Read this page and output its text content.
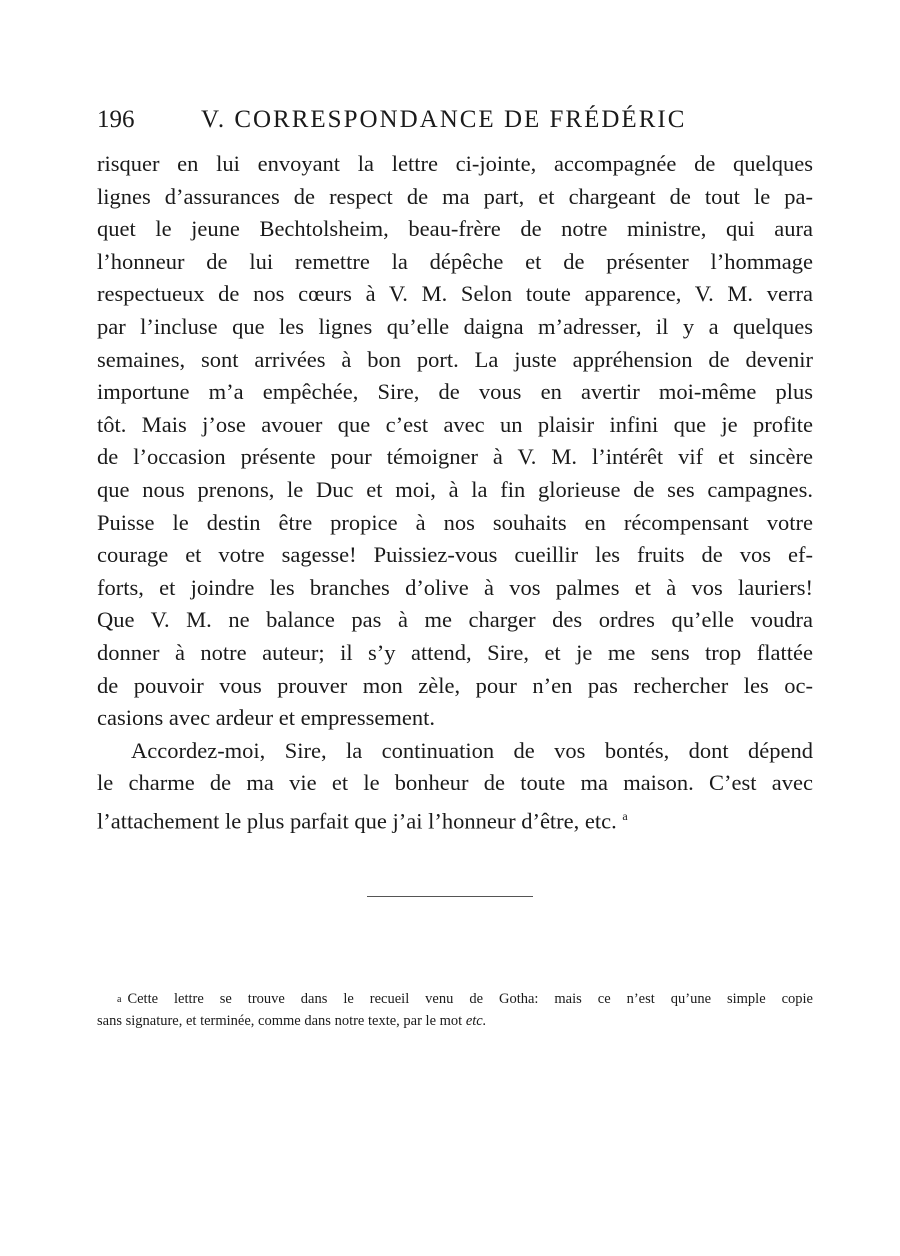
196	V. CORRESPONDANCE DE FRÉDÉRIC
risquer en lui envoyant la lettre ci-jointe, accompagnée de quelques
lignes d’assurances de respect de ma part, et chargeant de tout le pa-
quet le jeune Bechtolsheim, beau-frère de notre ministre, qui aura
l’honneur de lui remettre la dépêche et de présenter l’hommage
respectueux de nos cœurs à V. M. Selon toute apparence, V. M. verra
par l’incluse que les lignes qu’elle daigna m’adresser, il y a quelques
semaines, sont arrivées à bon port. La juste appréhension de devenir
importune m’a empêchée, Sire, de vous en avertir moi-même plus
tôt. Mais j’ose avouer que c’est avec un plaisir infini que je profite
de l’occasion présente pour témoigner à V. M. l’intérêt vif et sincère
que nous prenons, le Duc et moi, à la fin glorieuse de ses campagnes.
Puisse le destin être propice à nos souhaits en récompensant votre
courage et votre sagesse! Puissiez-vous cueillir les fruits de vos ef-
forts, et joindre les branches d’olive à vos palmes et à vos lauriers!
Que V. M. ne balance pas à me charger des ordres qu’elle voudra
donner à notre auteur; il s’y attend, Sire, et je me sens trop flattée
de pouvoir vous prouver mon zèle, pour n’en pas rechercher les oc-
casions avec ardeur et empressement.
Accordez-moi, Sire, la continuation de vos bontés, dont dépend
le charme de ma vie et le bonheur de toute ma maison. C’est avec
l’attachement le plus parfait que j’ai l’honneur d’être, etc. $^a$
$^a$ Cette lettre se trouve dans le recueil venu de Gotha: mais ce n’est qu’une simple copie
sans signature, et terminée, comme dans notre texte, par le mot etc.
